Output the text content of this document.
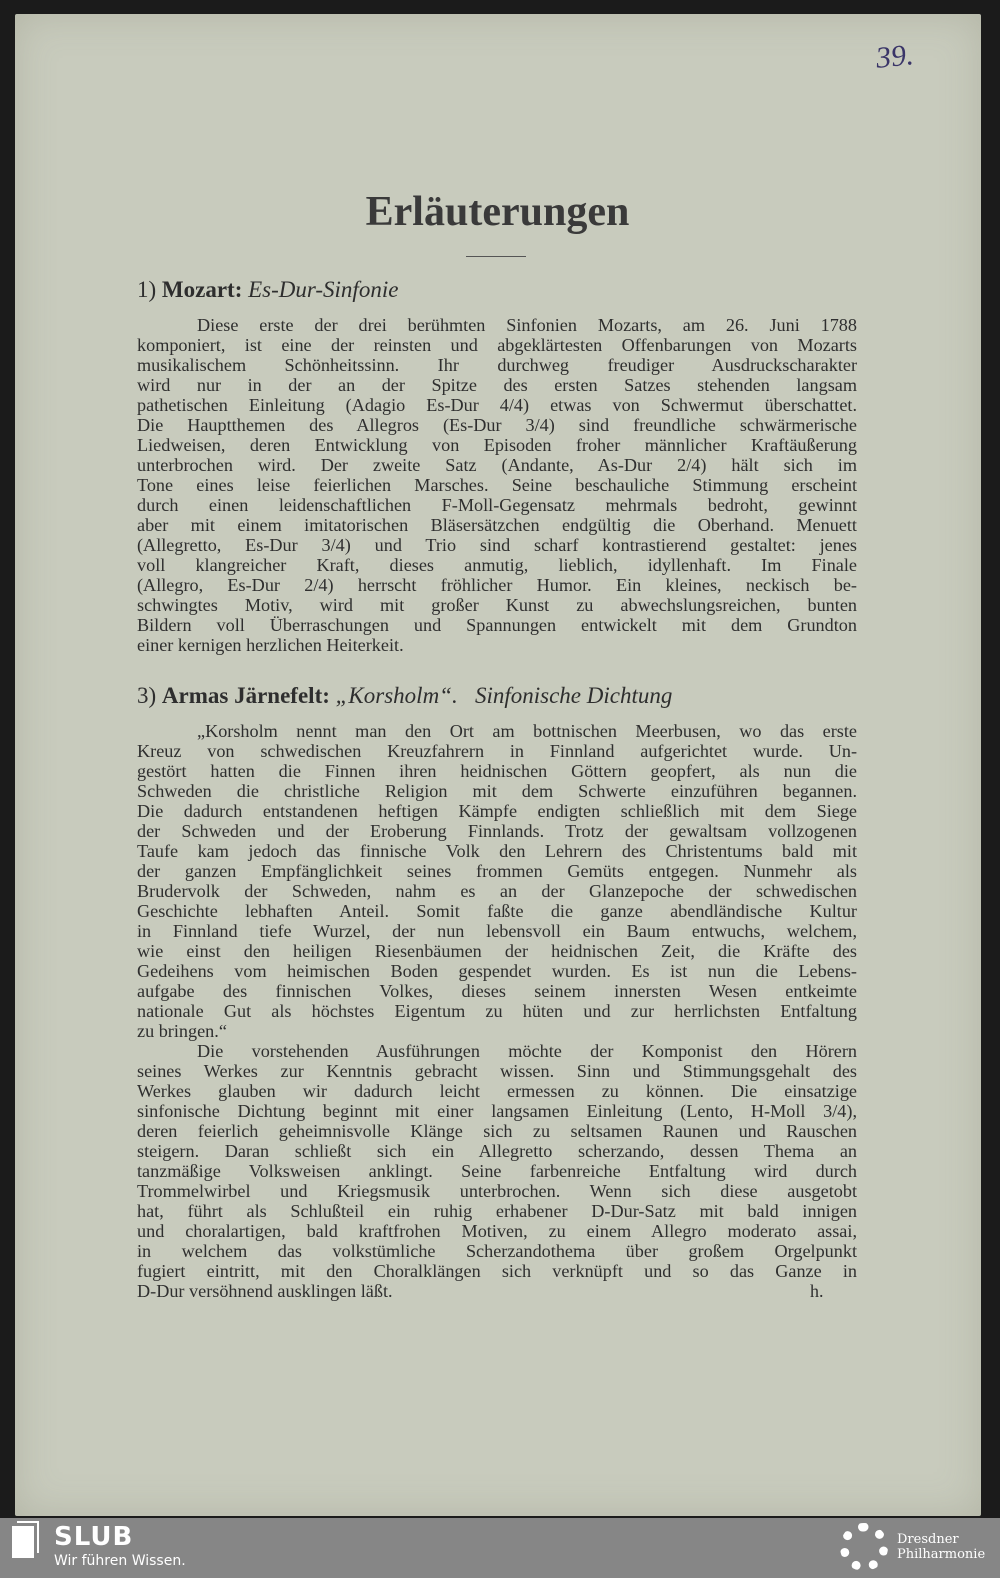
39.
Erläuterungen
1) Mozart: Es-Dur-Sinfonie
Diese erste der drei berühmten Sinfonien Mozarts, am 26. Juni 1788
komponiert, ist eine der reinsten und abgeklärtesten Offenbarungen von Mozarts
musikalischem Schönheitssinn. Ihr durchweg freudiger Ausdruckscharakter
wird nur in der an der Spitze des ersten Satzes stehenden langsam
pathetischen Einleitung (Adagio Es-Dur 4/4) etwas von Schwermut überschattet.
Die Hauptthemen des Allegros (Es-Dur 3/4) sind freundliche schwärmerische
Liedweisen, deren Entwicklung von Episoden froher männlicher Kraftäußerung
unterbrochen wird. Der zweite Satz (Andante, As-Dur 2/4) hält sich im
Tone eines leise feierlichen Marsches. Seine beschauliche Stimmung erscheint
durch einen leidenschaftlichen F-Moll-Gegensatz mehrmals bedroht, gewinnt
aber mit einem imitatorischen Bläsersätzchen endgültig die Oberhand. Menuett
(Allegretto, Es-Dur 3/4) und Trio sind scharf kontrastierend gestaltet: jenes
voll klangreicher Kraft, dieses anmutig, lieblich, idyllenhaft. Im Finale
(Allegro, Es-Dur 2/4) herrscht fröhlicher Humor. Ein kleines, neckisch be-
schwingtes Motiv, wird mit großer Kunst zu abwechslungsreichen, bunten
Bildern voll Überraschungen und Spannungen entwickelt mit dem Grundton
einer kernigen herzlichen Heiterkeit.
3) Armas Järnefelt: „Korsholm“. Sinfonische Dichtung
„Korsholm nennt man den Ort am bottnischen Meerbusen, wo das erste
Kreuz von schwedischen Kreuzfahrern in Finnland aufgerichtet wurde. Un-
gestört hatten die Finnen ihren heidnischen Göttern geopfert, als nun die
Schweden die christliche Religion mit dem Schwerte einzuführen begannen.
Die dadurch entstandenen heftigen Kämpfe endigten schließlich mit dem Siege
der Schweden und der Eroberung Finnlands. Trotz der gewaltsam vollzogenen
Taufe kam jedoch das finnische Volk den Lehrern des Christentums bald mit
der ganzen Empfänglichkeit seines frommen Gemüts entgegen. Nunmehr als
Brudervolk der Schweden, nahm es an der Glanzepoche der schwedischen
Geschichte lebhaften Anteil. Somit faßte die ganze abendländische Kultur
in Finnland tiefe Wurzel, der nun lebensvoll ein Baum entwuchs, welchem,
wie einst den heiligen Riesenbäumen der heidnischen Zeit, die Kräfte des
Gedeihens vom heimischen Boden gespendet wurden. Es ist nun die Lebens-
aufgabe des finnischen Volkes, dieses seinem innersten Wesen entkeimte
nationale Gut als höchstes Eigentum zu hüten und zur herrlichsten Entfaltung
zu bringen.“
Die vorstehenden Ausführungen möchte der Komponist den Hörern
seines Werkes zur Kenntnis gebracht wissen. Sinn und Stimmungsgehalt des
Werkes glauben wir dadurch leicht ermessen zu können. Die einsatzige
sinfonische Dichtung beginnt mit einer langsamen Einleitung (Lento, H-Moll 3/4),
deren feierlich geheimnisvolle Klänge sich zu seltsamen Raunen und Rauschen
steigern. Daran schließt sich ein Allegretto scherzando, dessen Thema an
tanzmäßige Volksweisen anklingt. Seine farbenreiche Entfaltung wird durch
Trommelwirbel und Kriegsmusik unterbrochen. Wenn sich diese ausgetobt
hat, führt als Schlußteil ein ruhig erhabener D-Dur-Satz mit bald innigen
und choralartigen, bald kraftfrohen Motiven, zu einem Allegro moderato assai,
in welchem das volkstümliche Scherzandothema über großem Orgelpunkt
fugiert eintritt, mit den Choralklängen sich verknüpft und so das Ganze in
D-Dur versöhnend ausklingen läßt.	h.
SLUB
Wir führen Wissen.
Dresdner
Philharmonie
